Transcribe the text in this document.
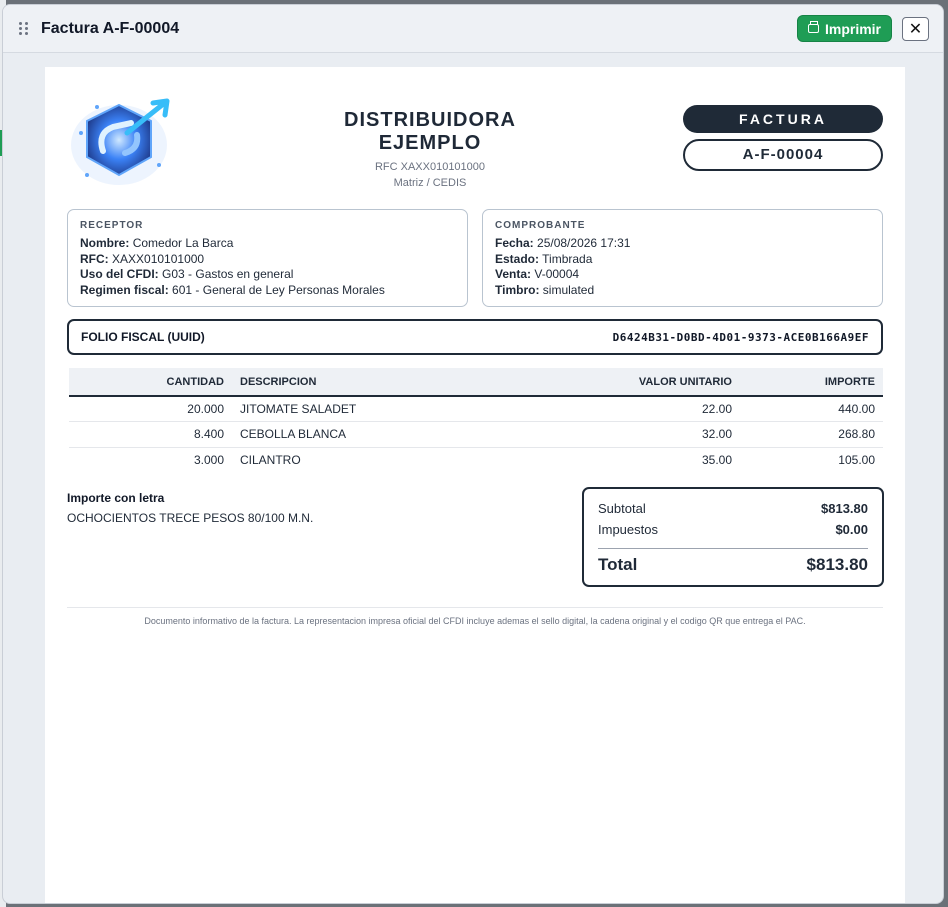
Factura A-F-00004	Imprimir ✕
DISTRIBUIDORA EJEMPLO
RFC XAXX010101000
Matriz / CEDIS
FACTURA
A-F-00004
RECEPTOR
Nombre: Comedor La Barca
RFC: XAXX010101000
Uso del CFDI: G03 - Gastos en general
Regimen fiscal: 601 - General de Ley Personas Morales
COMPROBANTE
Fecha: 25/08/2026 17:31
Estado: Timbrada
Venta: V-00004
Timbro: simulated
FOLIO FISCAL (UUID)	D6424B31-D0BD-4D01-9373-ACE0B166A9EF
CANTIDAD	DESCRIPCION	VALOR UNITARIO	IMPORTE
20.000	JITOMATE SALADET	22.00	440.00
8.400	CEBOLLA BLANCA	32.00	268.80
3.000	CILANTRO	35.00	105.00
Importe con letra
OCHOCIENTOS TRECE PESOS 80/100 M.N.
Subtotal	$813.80
Impuestos	$0.00
Total	$813.80
Documento informativo de la factura. La representacion impresa oficial del CFDI incluye ademas el sello digital, la cadena original y el codigo QR que entrega el PAC.
